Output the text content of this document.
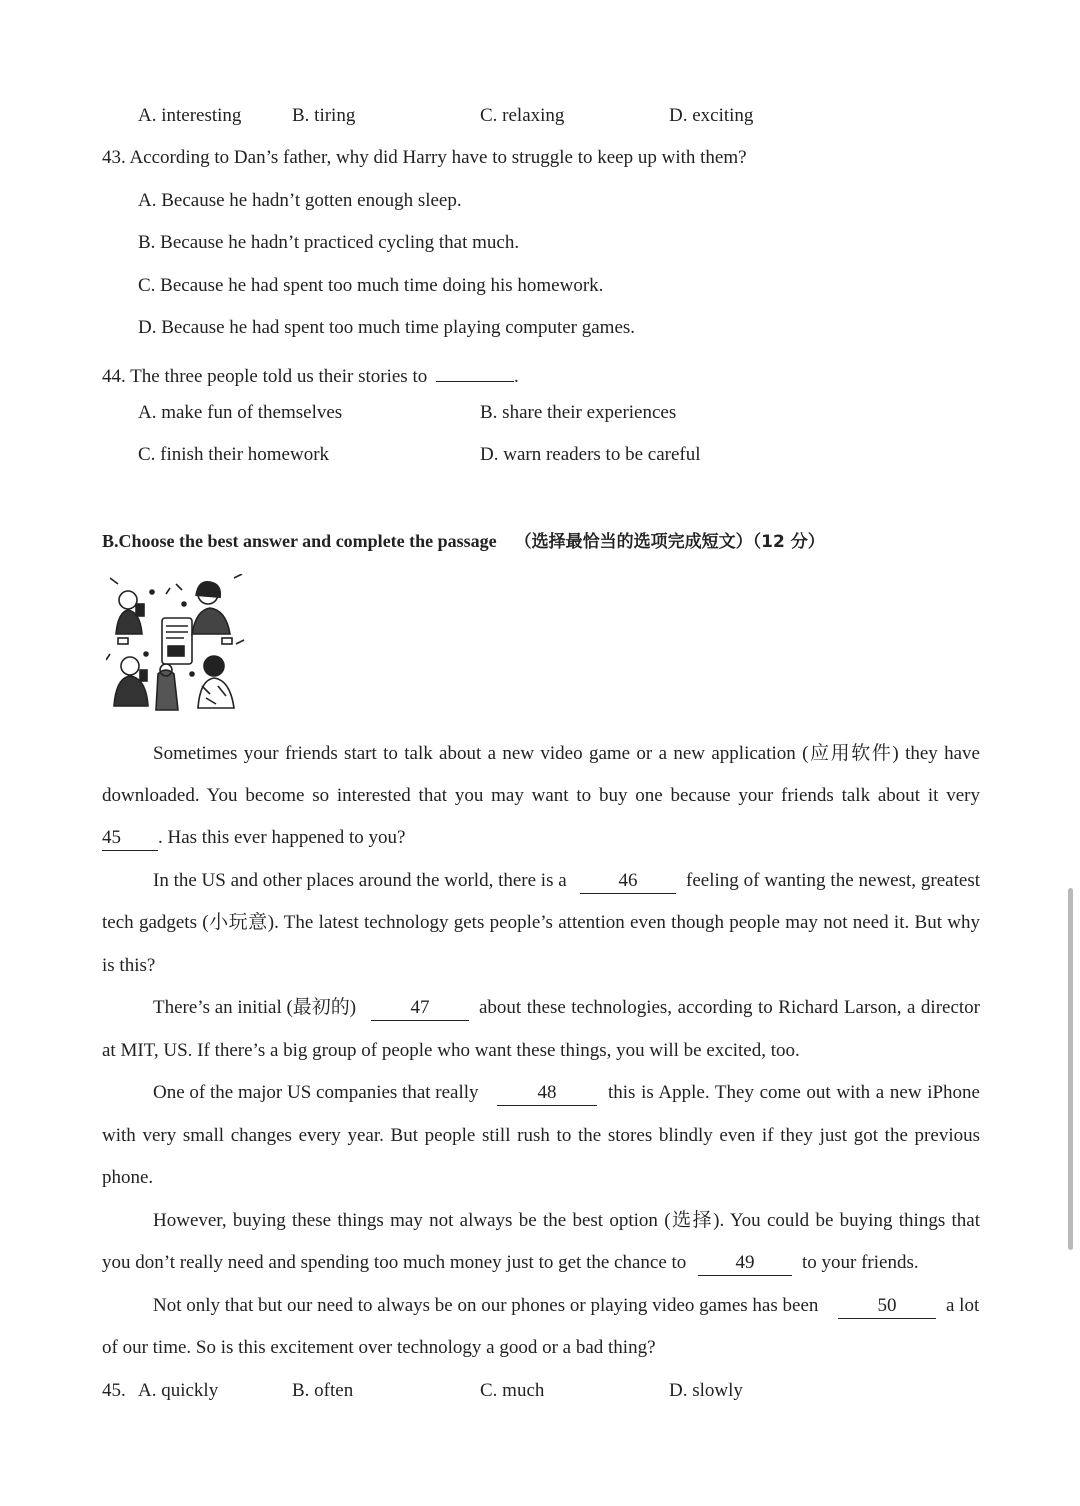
A. interesting	B. tiring	C. relaxing	D. exciting
43. According to Dan’s father, why did Harry have to struggle to keep up with them?
A. Because he hadn’t gotten enough sleep.
B. Because he hadn’t practiced cycling that much.
C. Because he had spent too much time doing his homework.
D. Because he had spent too much time playing computer games.
44. The three people told us their stories to	.
A. make fun of themselves	B. share their experiences
C. finish their homework	D. warn readers to be careful
B.Choose the best answer and complete the passage （选择最恰当的选项完成短文）（12 分）
Sometimes your friends start to talk about a new video game or a new application (应用软件) they have
downloaded. You become so interested that you may want to buy one because your friends talk about it very
45 . Has this ever happened to you?
In the US and other places around the world, there is a	46	feeling of wanting the newest, greatest
tech gadgets (小玩意). The latest technology gets people’s attention even though people may not need it. But why
is this?
There’s an initial (最初的)	47	about these technologies, according to Richard Larson, a director
at MIT, US. If there’s a big group of people who want these things, you will be excited, too.
One of the major US companies that really	48	this is Apple. They come out with a new iPhone
with very small changes every year. But people still rush to the stores blindly even if they just got the previous
phone.
However, buying these things may not always be the best option (选择). You could be buying things that
you don’t really need and spending too much money just to get the chance to	49	to your friends.
Not only that but our need to always be on our phones or playing video games has been	50	a lot
of our time. So is this excitement over technology a good or a bad thing?
45. A. quickly	B. often	C. much	D. slowly
